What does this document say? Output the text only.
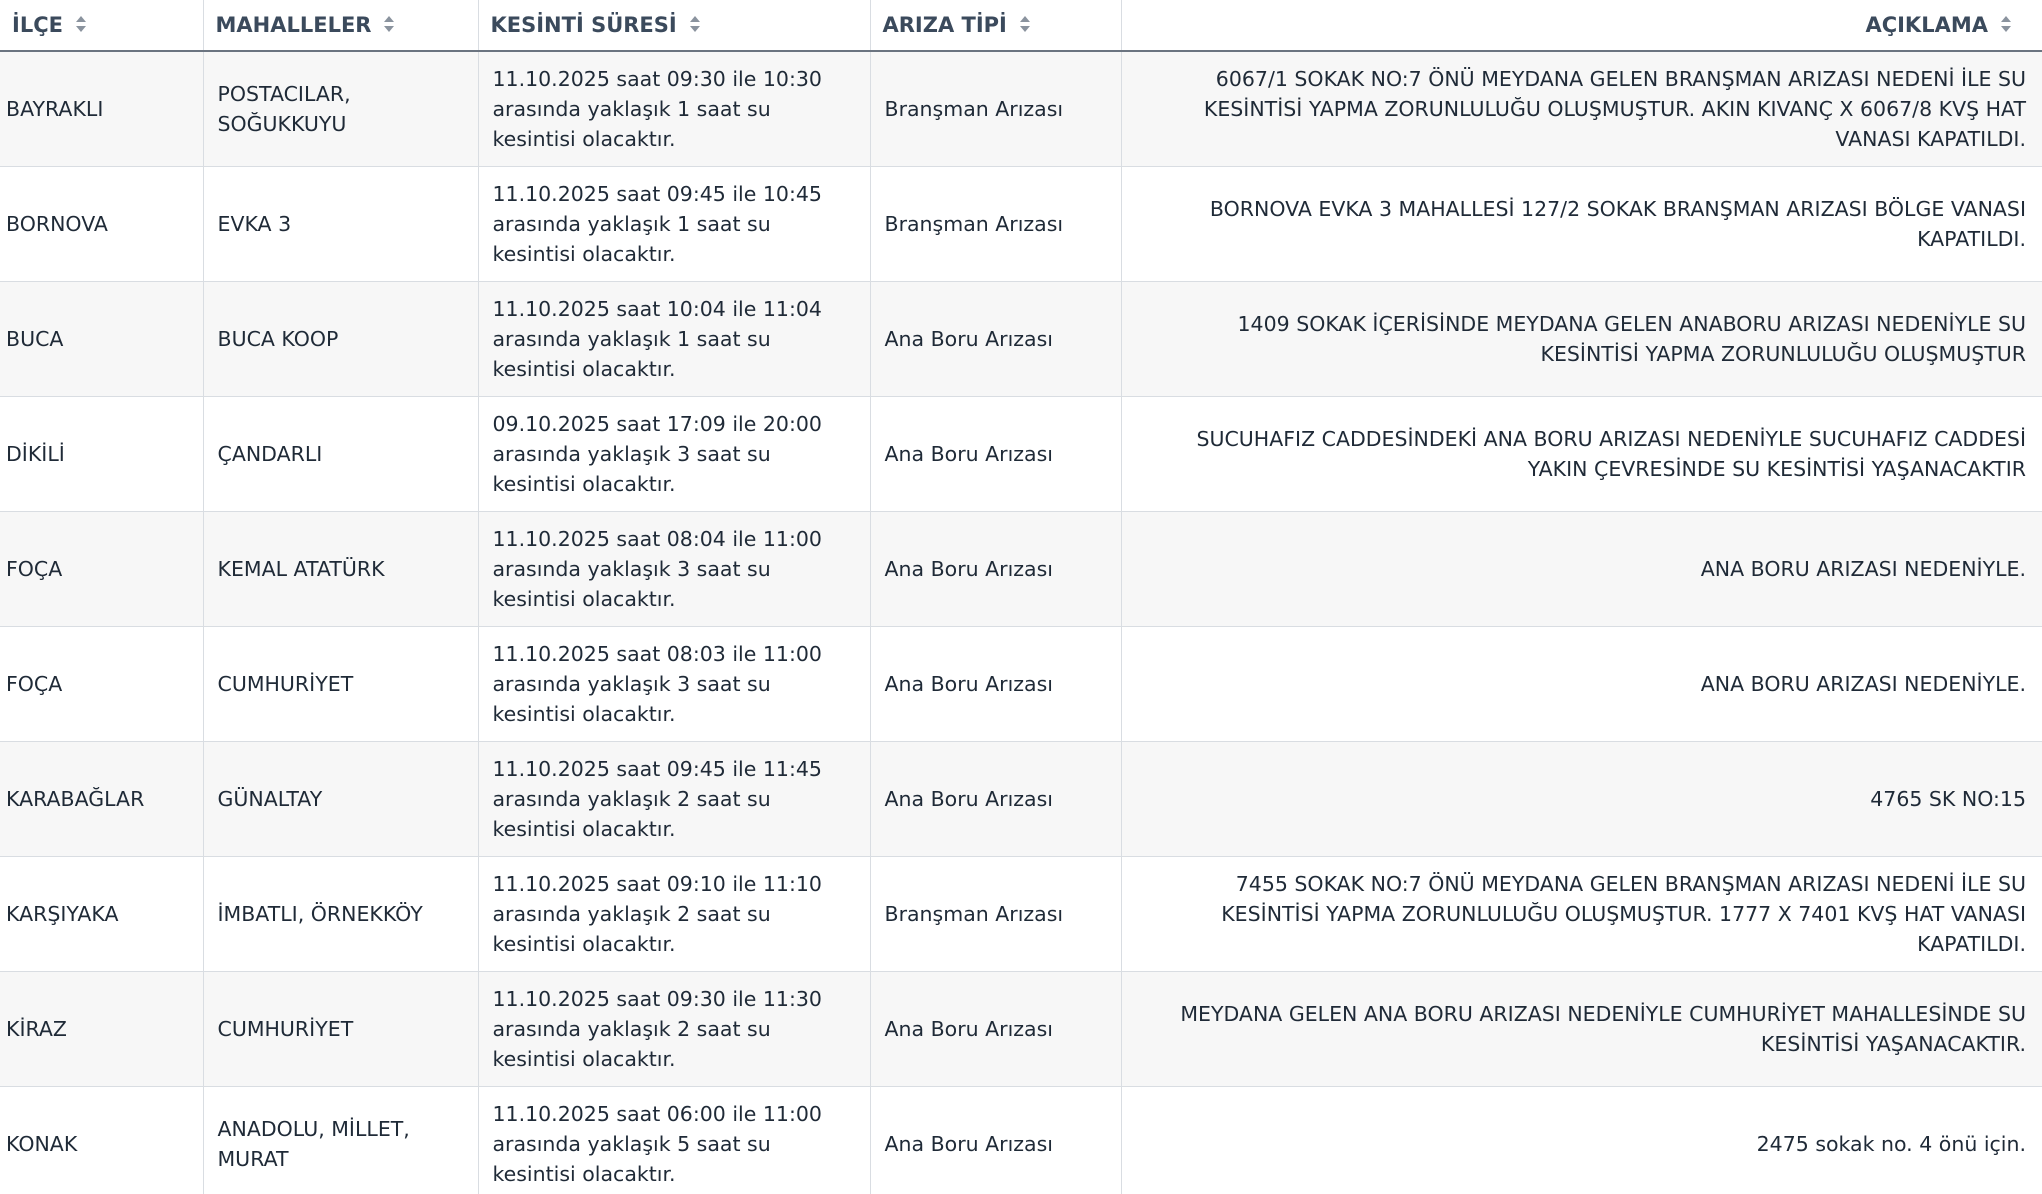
İLÇE	MAHALLELER	KESİNTİ SÜRESİ	ARIZA TİPİ	AÇIKLAMA

BAYRAKLI	POSTACILAR, SOĞUKKUYU	11.10.2025 saat 09:30 ile 10:30 arasında yaklaşık 1 saat su kesintisi olacaktır.	Branşman Arızası	6067/1 SOKAK NO:7 ÖNÜ MEYDANA GELEN BRANŞMAN ARIZASI NEDENİ İLE SU KESİNTİSİ YAPMA ZORUNLULUĞU OLUŞMUŞTUR. AKIN KIVANÇ X 6067/8 KVŞ HAT VANASI KAPATILDI.
BORNOVA	EVKA 3	11.10.2025 saat 09:45 ile 10:45 arasında yaklaşık 1 saat su kesintisi olacaktır.	Branşman Arızası	BORNOVA EVKA 3 MAHALLESİ 127/2 SOKAK BRANŞMAN ARIZASI BÖLGE VANASI KAPATILDI.
BUCA	BUCA KOOP	11.10.2025 saat 10:04 ile 11:04 arasında yaklaşık 1 saat su kesintisi olacaktır.	Ana Boru Arızası	1409 SOKAK İÇERİSİNDE MEYDANA GELEN ANABORU ARIZASI NEDENİYLE SU KESİNTİSİ YAPMA ZORUNLULUĞU OLUŞMUŞTUR
DİKİLİ	ÇANDARLI	09.10.2025 saat 17:09 ile 20:00 arasında yaklaşık 3 saat su kesintisi olacaktır.	Ana Boru Arızası	SUCUHAFIZ CADDESİNDEKİ ANA BORU ARIZASI NEDENİYLE SUCUHAFIZ CADDESİ YAKIN ÇEVRESİNDE SU KESİNTİSİ YAŞANACAKTIR
FOÇA	KEMAL ATATÜRK	11.10.2025 saat 08:04 ile 11:00 arasında yaklaşık 3 saat su kesintisi olacaktır.	Ana Boru Arızası	ANA BORU ARIZASI NEDENİYLE.
FOÇA	CUMHURİYET	11.10.2025 saat 08:03 ile 11:00 arasında yaklaşık 3 saat su kesintisi olacaktır.	Ana Boru Arızası	ANA BORU ARIZASI NEDENİYLE.
KARABAĞLAR	GÜNALTAY	11.10.2025 saat 09:45 ile 11:45 arasında yaklaşık 2 saat su kesintisi olacaktır.	Ana Boru Arızası	4765 SK NO:15
KARŞIYAKA	İMBATLI, ÖRNEKKÖY	11.10.2025 saat 09:10 ile 11:10 arasında yaklaşık 2 saat su kesintisi olacaktır.	Branşman Arızası	7455 SOKAK NO:7 ÖNÜ MEYDANA GELEN BRANŞMAN ARIZASI NEDENİ İLE SU KESİNTİSİ YAPMA ZORUNLULUĞU OLUŞMUŞTUR. 1777 X 7401 KVŞ HAT VANASI KAPATILDI.
KİRAZ	CUMHURİYET	11.10.2025 saat 09:30 ile 11:30 arasında yaklaşık 2 saat su kesintisi olacaktır.	Ana Boru Arızası	MEYDANA GELEN ANA BORU ARIZASI NEDENİYLE CUMHURİYET MAHALLESİNDE SU KESİNTİSİ YAŞANACAKTIR.
KONAK	ANADOLU, MİLLET, MURAT	11.10.2025 saat 06:00 ile 11:00 arasında yaklaşık 5 saat su kesintisi olacaktır.	Ana Boru Arızası	2475 sokak no. 4 önü için.
